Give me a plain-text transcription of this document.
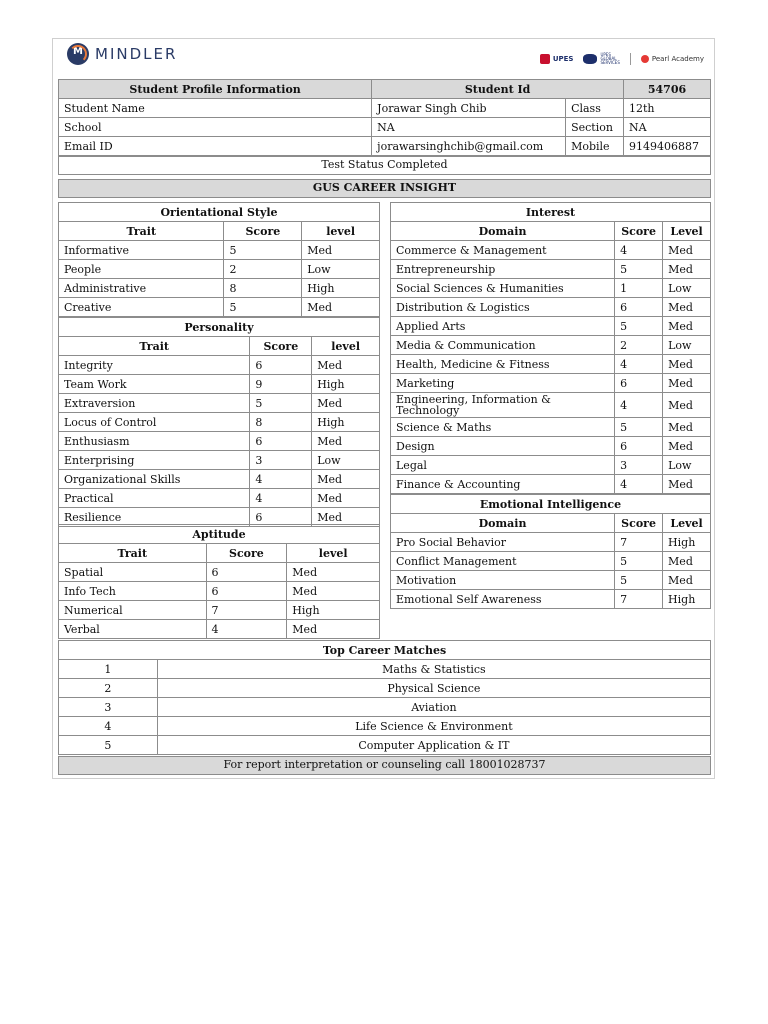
M MINDLER	UPES
UPES
GLOBAL
SERVICES	Pearl Academy
Student Profile Information	Student Id		54706
Student Name	Jorawar Singh Chib	Class	12th
School	NA	Section	NA
Email ID	jorawarsinghchib@gmail.com	Mobile	9149406887
Test Status Completed
GUS CAREER INSIGHT
Orientational Style		
Trait	Score	level
Informative	5	Med
People	2	Low
Administrative	8	High
Creative	5	Med
Personality		
Trait	Score	level
Integrity	6	Med
Team Work	9	High
Extraversion	5	Med
Locus of Control	8	High
Enthusiasm	6	Med
Enterprising	3	Low
Organizational Skills	4	Med
Practical	4	Med
Resilience	6	Med
Aptitude		
Trait	Score	level
Spatial	6	Med
Info Tech	6	Med
Numerical	7	High
Verbal	4	Med
Interest		
Domain	Score	Level
Commerce & Management	4	Med
Entrepreneurship	5	Med
Social Sciences & Humanities	1	Low
Distribution & Logistics	6	Med
Applied Arts	5	Med
Media & Communication	2	Low
Health, Medicine & Fitness	4	Med
Marketing	6	Med
Engineering, Information & Technology	4	Med
Science & Maths	5	Med
Design	6	Med
Legal	3	Low
Finance & Accounting	4	Med
Emotional Intelligence		
Domain	Score	Level
Pro Social Behavior	7	High
Conflict Management	5	Med
Motivation	5	Med
Emotional Self Awareness	7	High
Top Career Matches	
1	Maths & Statistics
2	Physical Science
3	Aviation
4	Life Science & Environment
5	Computer Application & IT
For report interpretation or counseling call 18001028737
